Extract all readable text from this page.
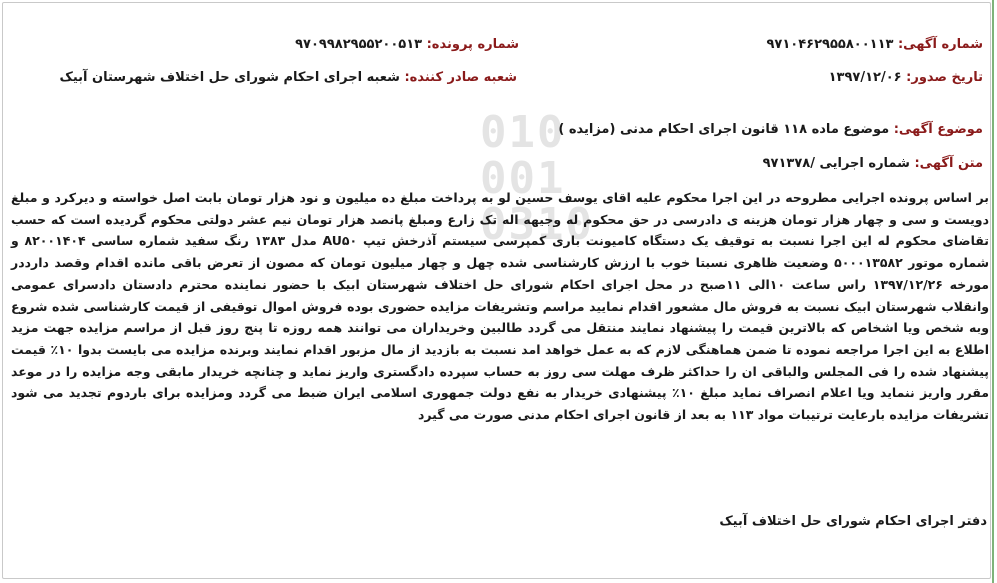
010
001
0310
شماره آگهی: ۹۷۱۰۴۶۲۹۵۵۸۰۰۱۱۳
شماره پرونده: ۹۷۰۹۹۸۲۹۵۵۲۰۰۵۱۳
تاریخ صدور: ۱۳۹۷/۱۲/۰۶
شعبه صادر کننده: شعبه اجرای احکام شورای حل اختلاف شهرستان آبیک
موضوع آگهی: موضوع ماده ۱۱۸ قانون اجرای احکام مدنی (مزایده )
متن آگهی: شماره اجرایی /۹۷۱۳۷۸
بر اساس پرونده اجرایی مطروحه در این اجرا محکوم علیه اقای یوسف حسین لو به پرداخت مبلغ ده میلیون و نود هزار تومان بابت اصل خواسته و دیرکرد و مبلغ دویست و سی و چهار هزار تومان هزینه ی دادرسی در حق محکوم له وجیهه اله تک زارع ومبلغ پانصد هزار تومان نیم عشر دولتی محکوم گردیده است که حسب تقاضای محکوم له این اجرا نسبت به توقیف یک دستگاه کامیونت باری کمپرسی سیستم آذرخش تیپ AU۵۰ مدل ۱۳۸۳ رنگ سفید شماره ساسی ۸۲۰۰۱۴۰۴ و شماره موتور ۵۰۰۰۱۳۵۸۲ وضعیت ظاهری نسبتا خوب با ارزش کارشناسی شده چهل و چهار میلیون تومان که مصون از تعرض باقی مانده اقدام وقصد دارددر مورخه ۱۳۹۷/۱۲/۲۶ راس ساعت ۱۰الی ۱۱صبح در محل اجرای احکام شورای حل اختلاف شهرستان ابیک با حضور نماینده محترم دادستان دادسرای عمومی وانقلاب شهرستان ابیک نسبت به فروش مال مشعور اقدام نمایید مراسم وتشریفات مزایده حضوری بوده فروش اموال توقیفی از قیمت کارشناسی شده شروع وبه شخص ویا اشخاص که بالاترین قیمت را پیشنهاد نمایند منتقل می گردد طالبین وخریداران می توانند همه روزه تا پنج روز قبل از مراسم مزایده جهت مزید اطلاع به این اجرا مراجعه نموده تا ضمن هماهنگی لازم که به عمل خواهد امد نسبت به بازدید از مال مزبور اقدام نمایند وبرنده مزایده می بایست بدوا ۱۰٪ قیمت پیشنهاد شده را فی المجلس والباقی ان را حداکثر ظرف مهلت سی روز به حساب سپرده دادگستری واریز نماید و چنانچه خریدار مابقی وجه مزایده را در موعد مقرر واریز ننماید ویا اعلام انصراف نماید مبلغ ۱۰٪ پیشنهادی خریدار به نفع دولت جمهوری اسلامی ایران ضبط می گردد ومزایده برای باردوم تجدید می شود تشریفات مزایده بارعایت ترتیبات مواد ۱۱۳ به بعد از قانون اجرای احکام مدنی صورت می گیرد
دفتر اجرای احکام شورای حل اختلاف آبیک
